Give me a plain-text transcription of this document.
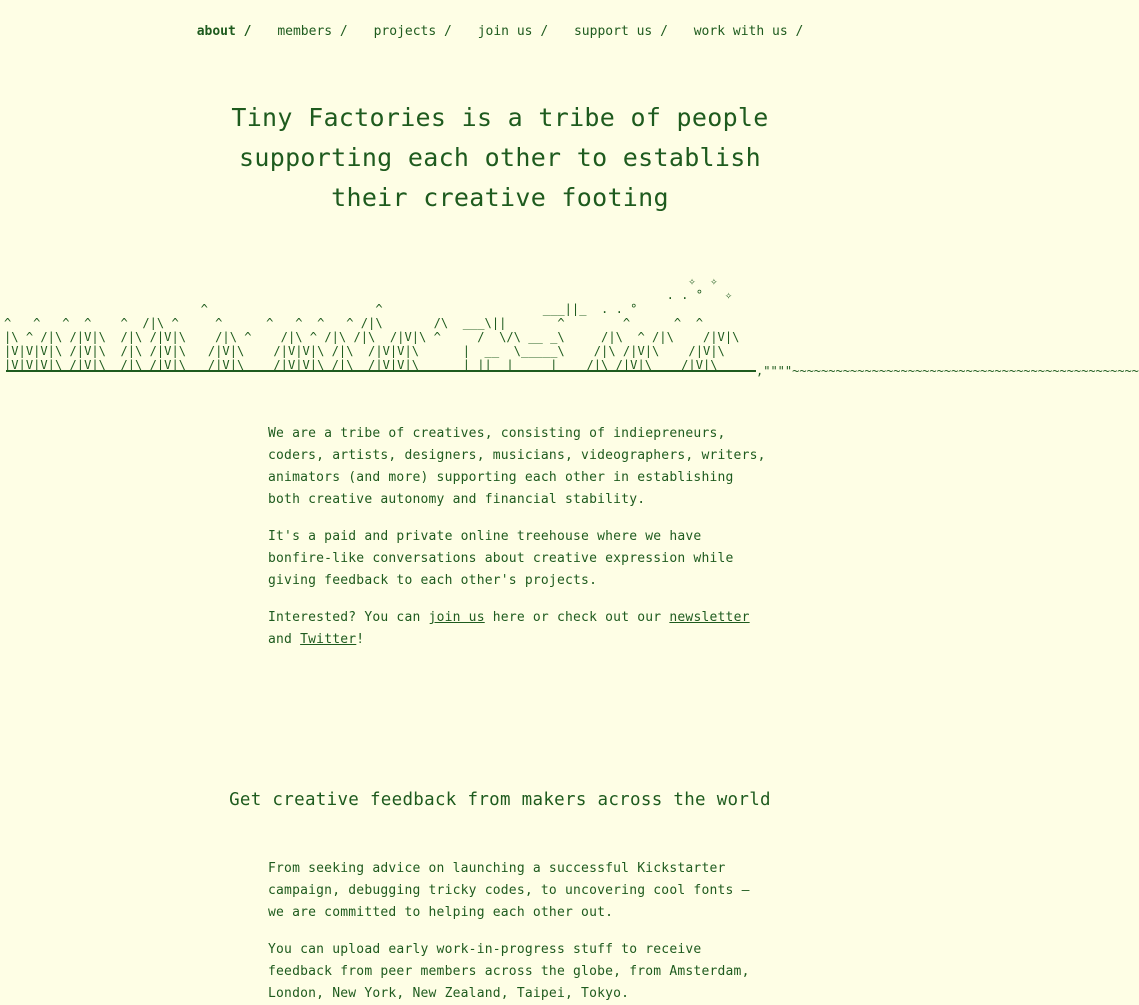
about / members / projects / join us / support us / work with us /
Tiny Factories is a tribe of people
supporting each other to establish
their creative footing
✧  ✧
. . °   ✧
^                       ^                      ___||_  . . °
^   ^   ^  ^    ^  /|\ ^     ^      ^   ^  ^   ^ /|\       /\  ___\||       ^        ^      ^  ^
|\ ^ /|\ /|V|\  /|\ /|V|\    /|\ ^    /|\ ^ /|\ /|\  /|V|\ ^     /  \/\ __ _\     /|\  ^ /|\    /|V|\
|V|V|V|\ /|V|\  /|\ /|V|\   /|V|\    /|V|V|\ /|\  /|V|V|\      |  __  \_____\    /|\ /|V|\    /|V|\
|V|V|V|\ /|V|\  /|\ /|V|\   /|V|\    /|V|V|\ /|\  /|V|V|\      | ||  |     |    /|\ /|V|\    /|V|\	,""""~~~~~~~~~~~~~~~~~~~~~~~~~~~~~~~~~~~~~~~~~~~~~~~~
We are a tribe of creatives, consisting of indiepreneurs,
coders, artists, designers, musicians, videographers, writers,
animators (and more) supporting each other in establishing
both creative autonomy and financial stability.
It's a paid and private online treehouse where we have
bonfire-like conversations about creative expression while
giving feedback to each other's projects.
Interested? You can join us here or check out our newsletter
and Twitter!
Get creative feedback from makers across the world
From seeking advice on launching a successful Kickstarter
campaign, debugging tricky codes, to uncovering cool fonts —
we are committed to helping each other out.
You can upload early work-in-progress stuff to receive
feedback from peer members across the globe, from Amsterdam,
London, New York, New Zealand, Taipei, Tokyo.
